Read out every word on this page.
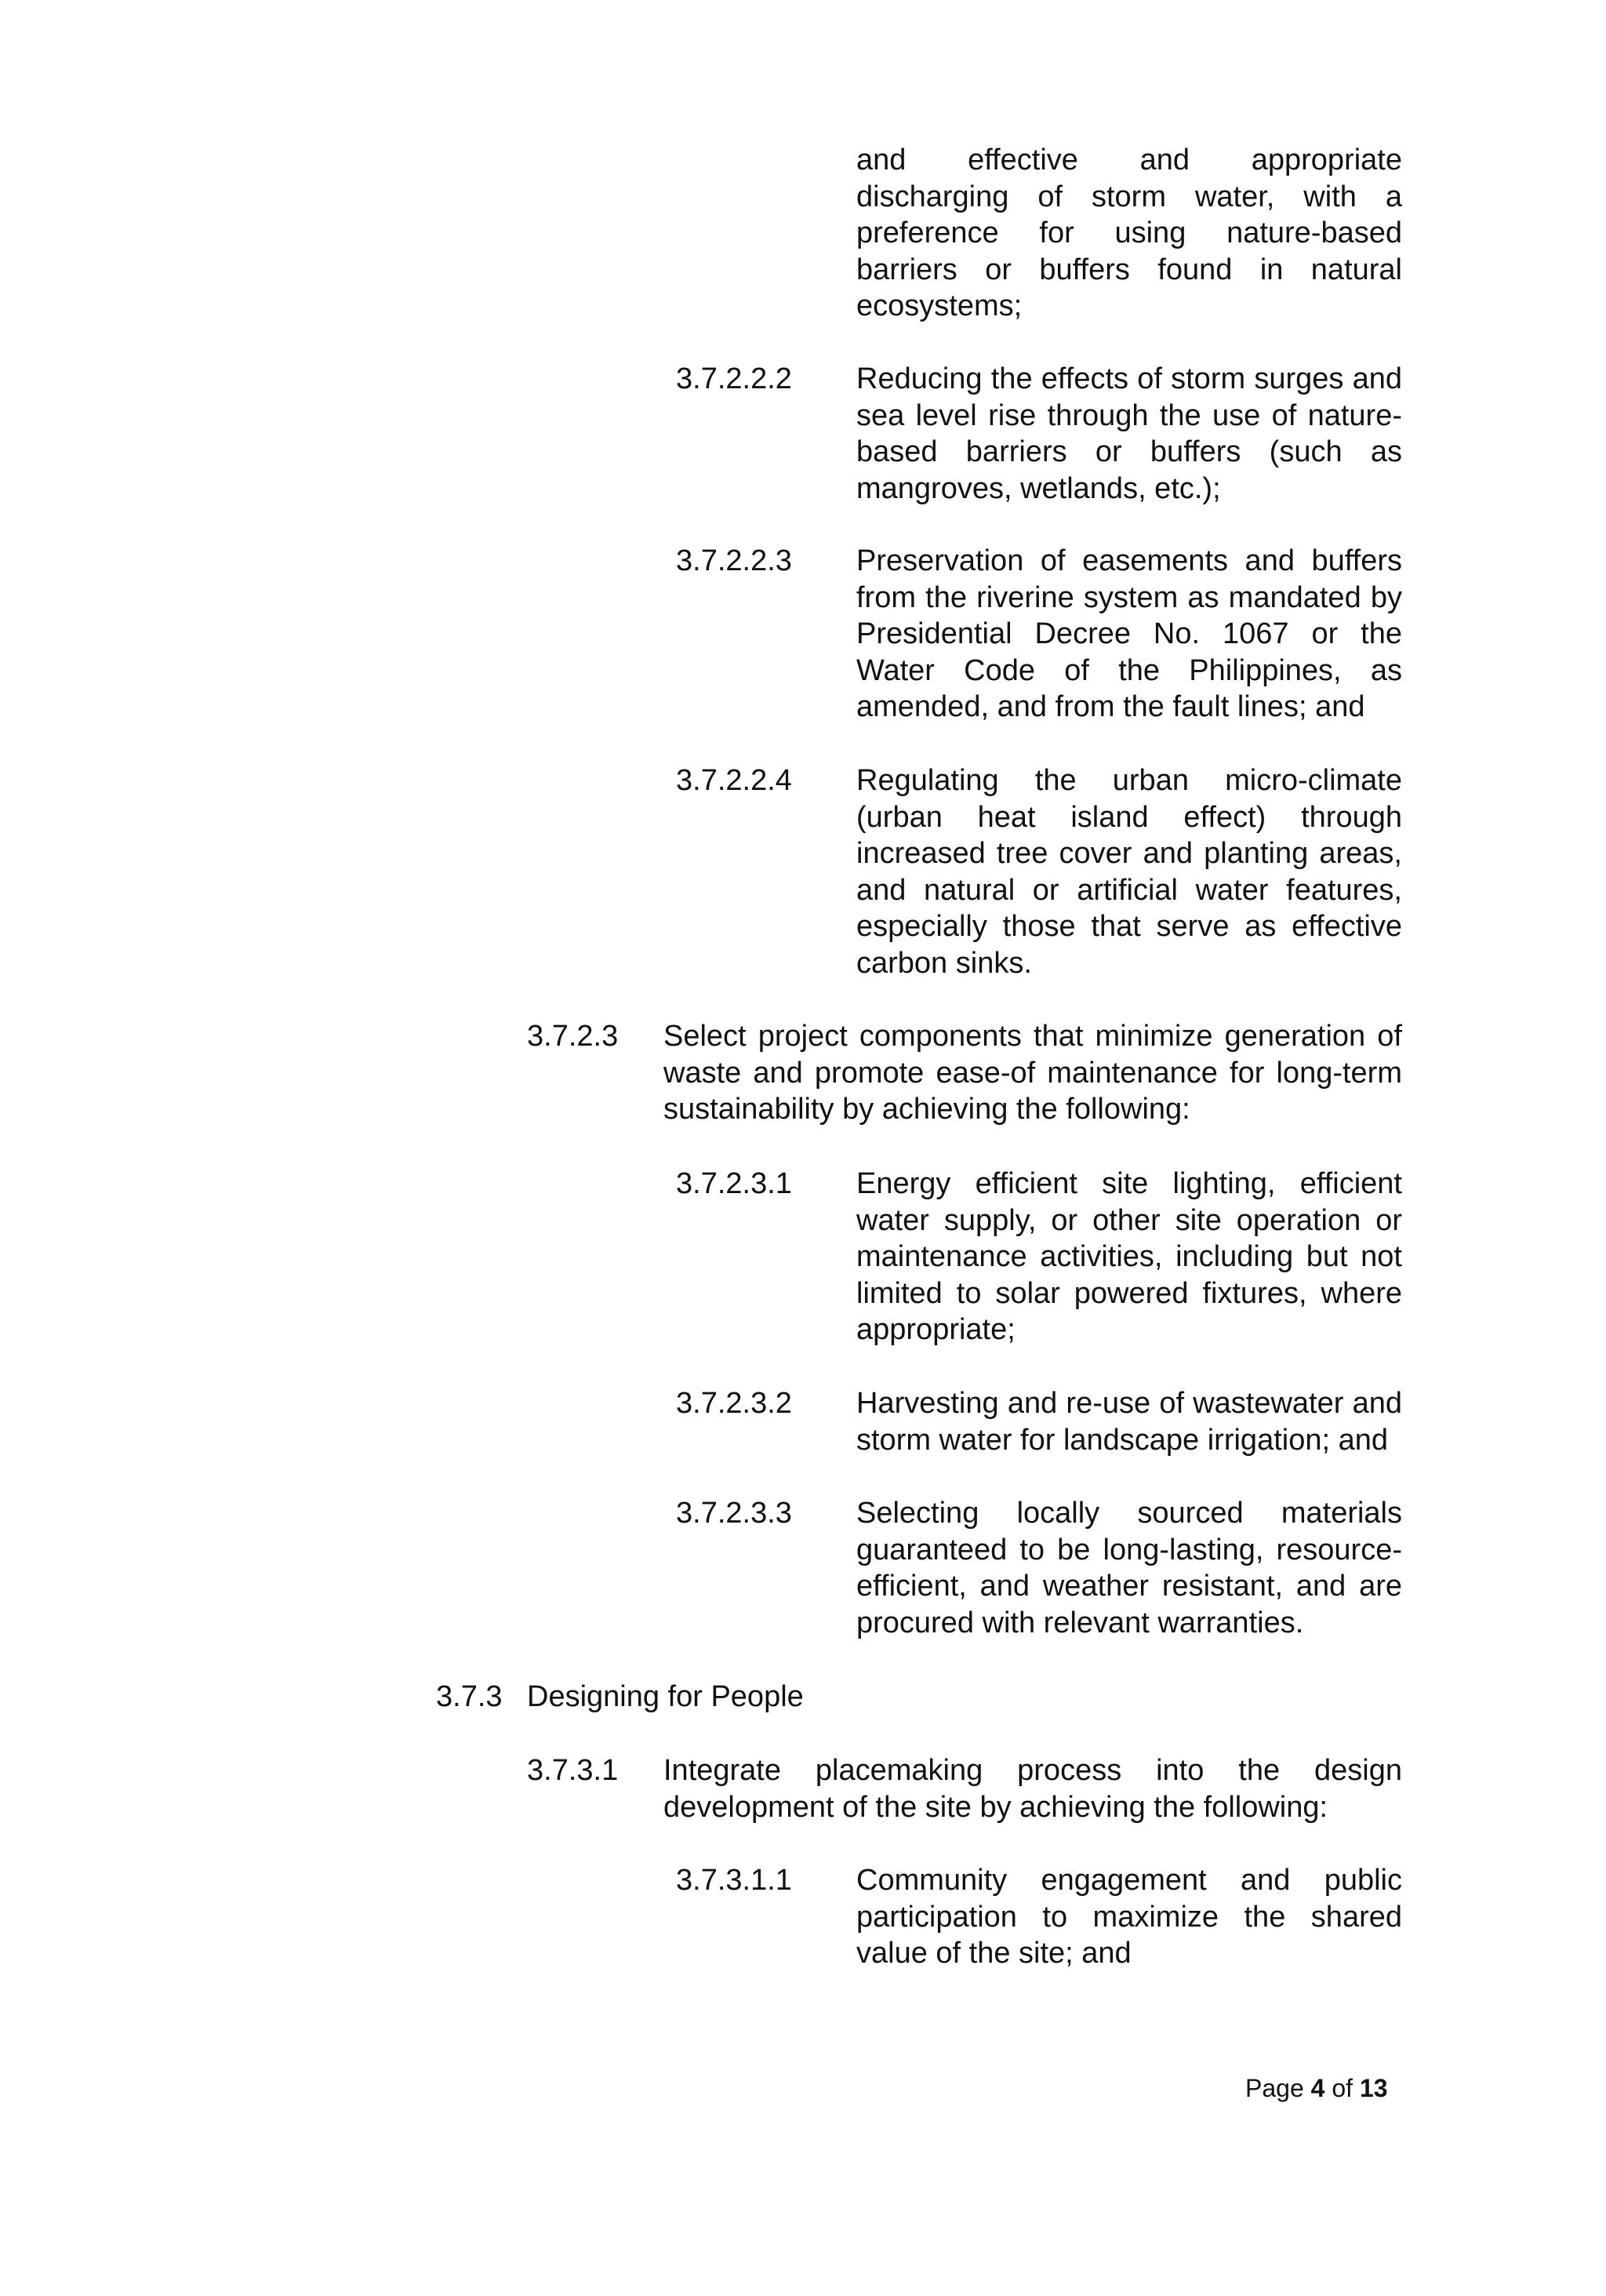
and effective and appropriate discharging of storm water, with a preference for using nature-based barriers or buffers found in natural ecosystems;
3.7.2.2.2 Reducing the effects of storm surges and sea level rise through the use of nature-based barriers or buffers (such as mangroves, wetlands, etc.);
3.7.2.2.3 Preservation of easements and buffers from the riverine system as mandated by Presidential Decree No. 1067 or the Water Code of the Philippines, as amended, and from the fault lines; and
3.7.2.2.4 Regulating the urban micro-climate (urban heat island effect) through increased tree cover and planting areas, and natural or artificial water features, especially those that serve as effective carbon sinks.
3.7.2.3 Select project components that minimize generation of waste and promote ease-of maintenance for long-term sustainability by achieving the following:
3.7.2.3.1 Energy efficient site lighting, efficient water supply, or other site operation or maintenance activities, including but not limited to solar powered fixtures, where appropriate;
3.7.2.3.2 Harvesting and re-use of wastewater and storm water for landscape irrigation; and
3.7.2.3.3 Selecting locally sourced materials guaranteed to be long-lasting, resource-efficient, and weather resistant, and are procured with relevant warranties.
3.7.3 Designing for People
3.7.3.1 Integrate placemaking process into the design development of the site by achieving the following:
3.7.3.1.1 Community engagement and public participation to maximize the shared value of the site; and
Page 4 of 13
